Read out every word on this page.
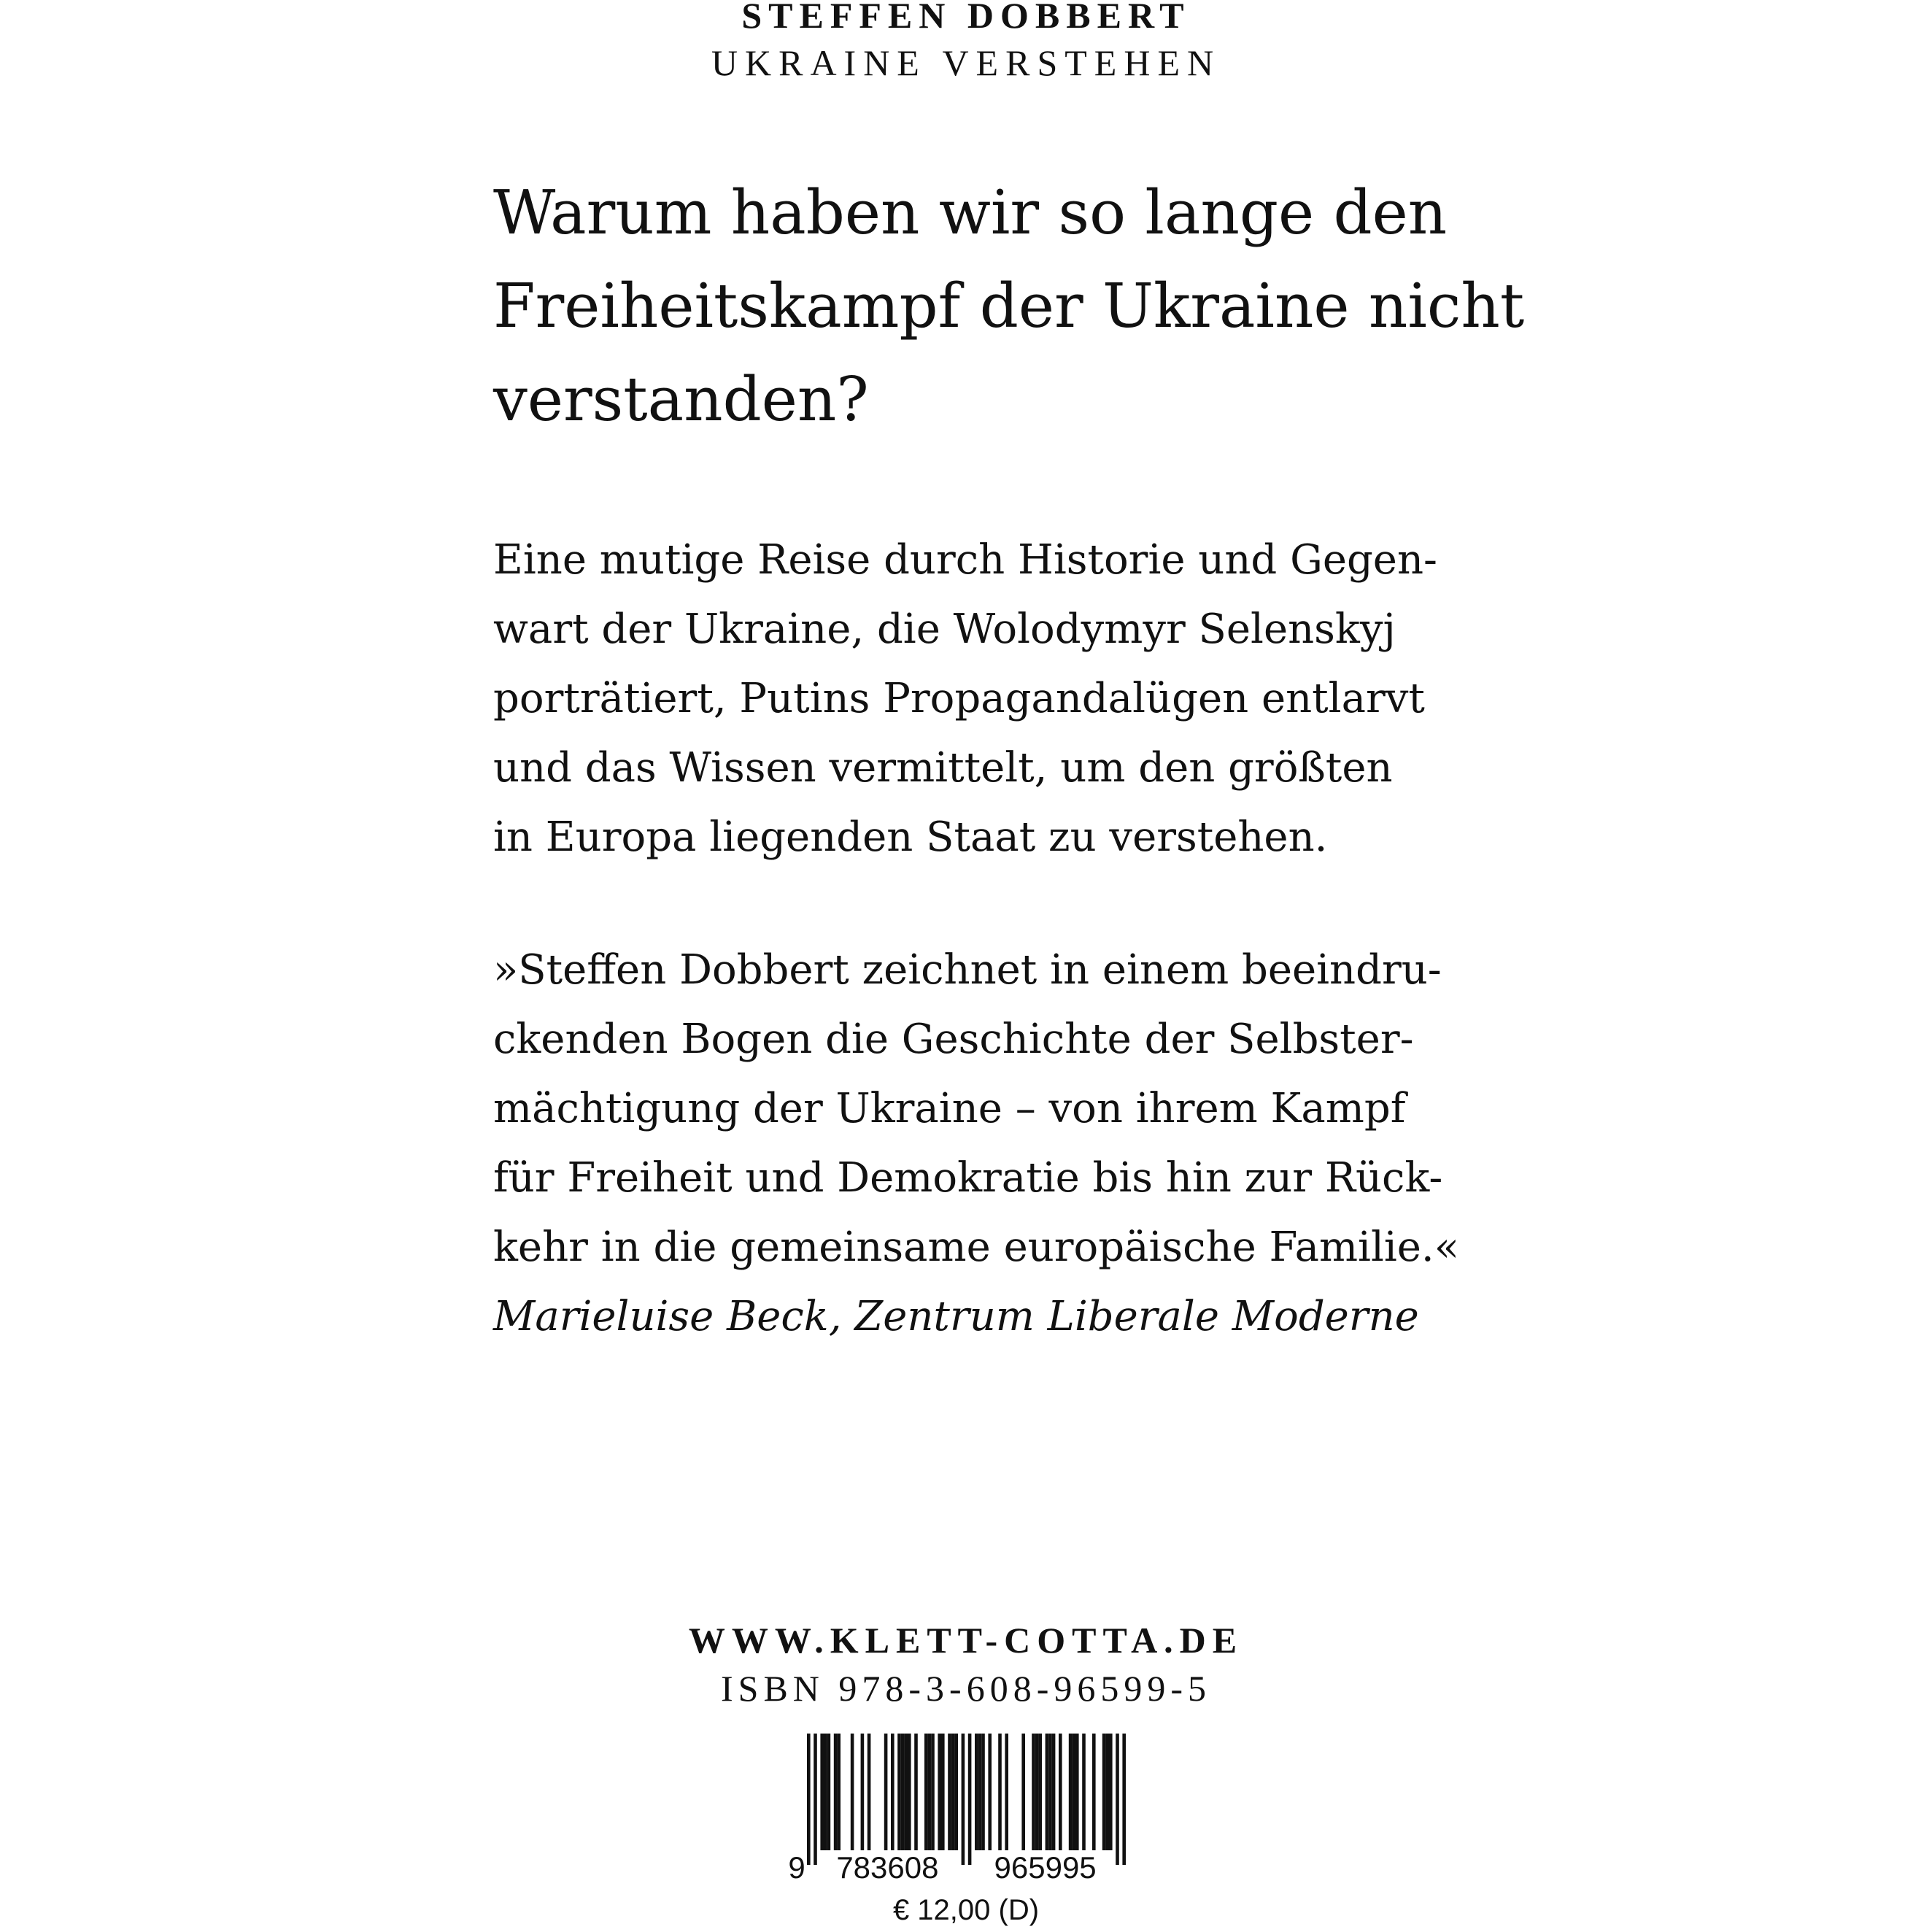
STEFFEN DOBBERT
UKRAINE VERSTEHEN
Warum haben wir so lange den
Freiheitskampf der Ukraine nicht
verstanden?

Eine mutige Reise durch Historie und Gegen-
wart der Ukraine, die Wolodymyr Selenskyj
porträtiert, Putins Propagandalügen entlarvt
und das Wissen vermittelt, um den größten
in Europa liegenden Staat zu verstehen.

»Steffen Dobbert zeichnet in einem beeindru-
ckenden Bogen die Geschichte der Selbster-
mächtigung der Ukraine – von ihrem Kampf
für Freiheit und Demokratie bis hin zur Rück-
kehr in die gemeinsame europäische Familie.«
Marieluise Beck, Zentrum Liberale Moderne
WWW.KLETT-COTTA.DE
ISBN 978-3-608-96599-5
9 783608 965995
€ 12,00 (D)
